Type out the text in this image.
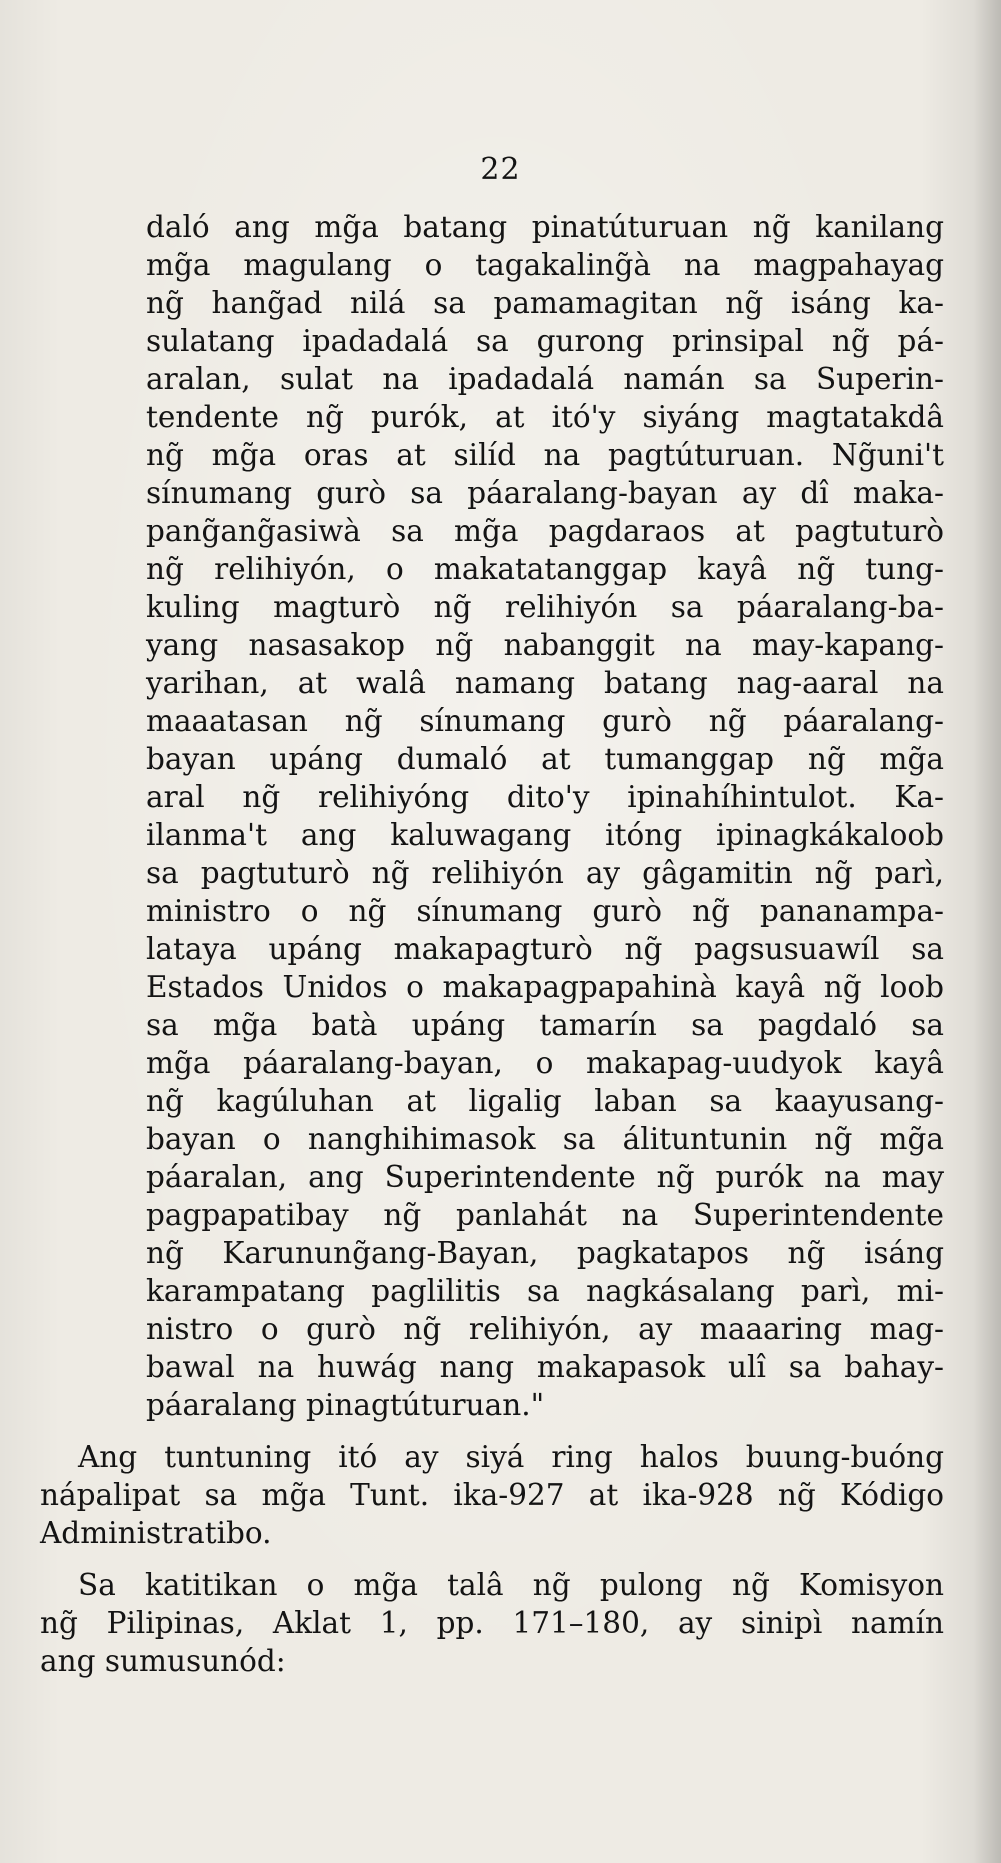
22
daló ang mg̃a batang pinatúturuan ng̃ kanilang
mg̃a magulang o tagakaling̃à na magpahayag
ng̃ hang̃ad nilá sa pamamagitan ng̃ isáng ka-
sulatang ipadadalá sa gurong prinsipal ng̃ pá-
aralan, sulat na ipadadalá namán sa Superin-
tendente ng̃ purók, at itó'y siyáng magtatakdâ
ng̃ mg̃a oras at silíd na pagtúturuan. Ng̃uni't
sínumang gurò sa páaralang-bayan ay dî maka-
pang̃ang̃asiwà sa mg̃a pagdaraos at pagtuturò
ng̃ relihiyón, o makatatanggap kayâ ng̃ tung-
kuling magturò ng̃ relihiyón sa páaralang-ba-
yang nasasakop ng̃ nabanggit na may-kapang-
yarihan, at walâ namang batang nag-aaral na
maaatasan ng̃ sínumang gurò ng̃ páaralang-
bayan upáng dumaló at tumanggap ng̃ mg̃a
aral ng̃ relihiyóng dito'y ipinahíhintulot. Ka-
ilanma't ang kaluwagang itóng ipinagkákaloob
sa pagtuturò ng̃ relihiyón ay gâgamitin ng̃ parì,
ministro o ng̃ sínumang gurò ng̃ pananampa-
lataya upáng makapagturò ng̃ pagsusuawíl sa
Estados Unidos o makapagpapahinà kayâ ng̃ loob
sa mg̃a batà upáng tamarín sa pagdaló sa
mg̃a páaralang-bayan, o makapag-uudyok kayâ
ng̃ kagúluhan at ligalig laban sa kaayusang-
bayan o nanghihimasok sa álituntunin ng̃ mg̃a
páaralan, ang Superintendente ng̃ purók na may
pagpapatibay ng̃ panlahát na Superintendente
ng̃ Karunung̃ang-Bayan, pagkatapos ng̃ isáng
karampatang paglilitis sa nagkásalang parì, mi-
nistro o gurò ng̃ relihiyón, ay maaaring mag-
bawal na huwág nang makapasok ulî sa bahay-
páaralang pinagtúturuan."
Ang tuntuning itó ay siyá ring halos buung-buóng
nápalipat sa mg̃a Tunt. ika-927 at ika-928 ng̃ Kódigo
Administratibo.
Sa katitikan o mg̃a talâ ng̃ pulong ng̃ Komisyon
ng̃ Pilipinas, Aklat 1, pp. 171–180, ay sinipì namín
ang sumusunód:
